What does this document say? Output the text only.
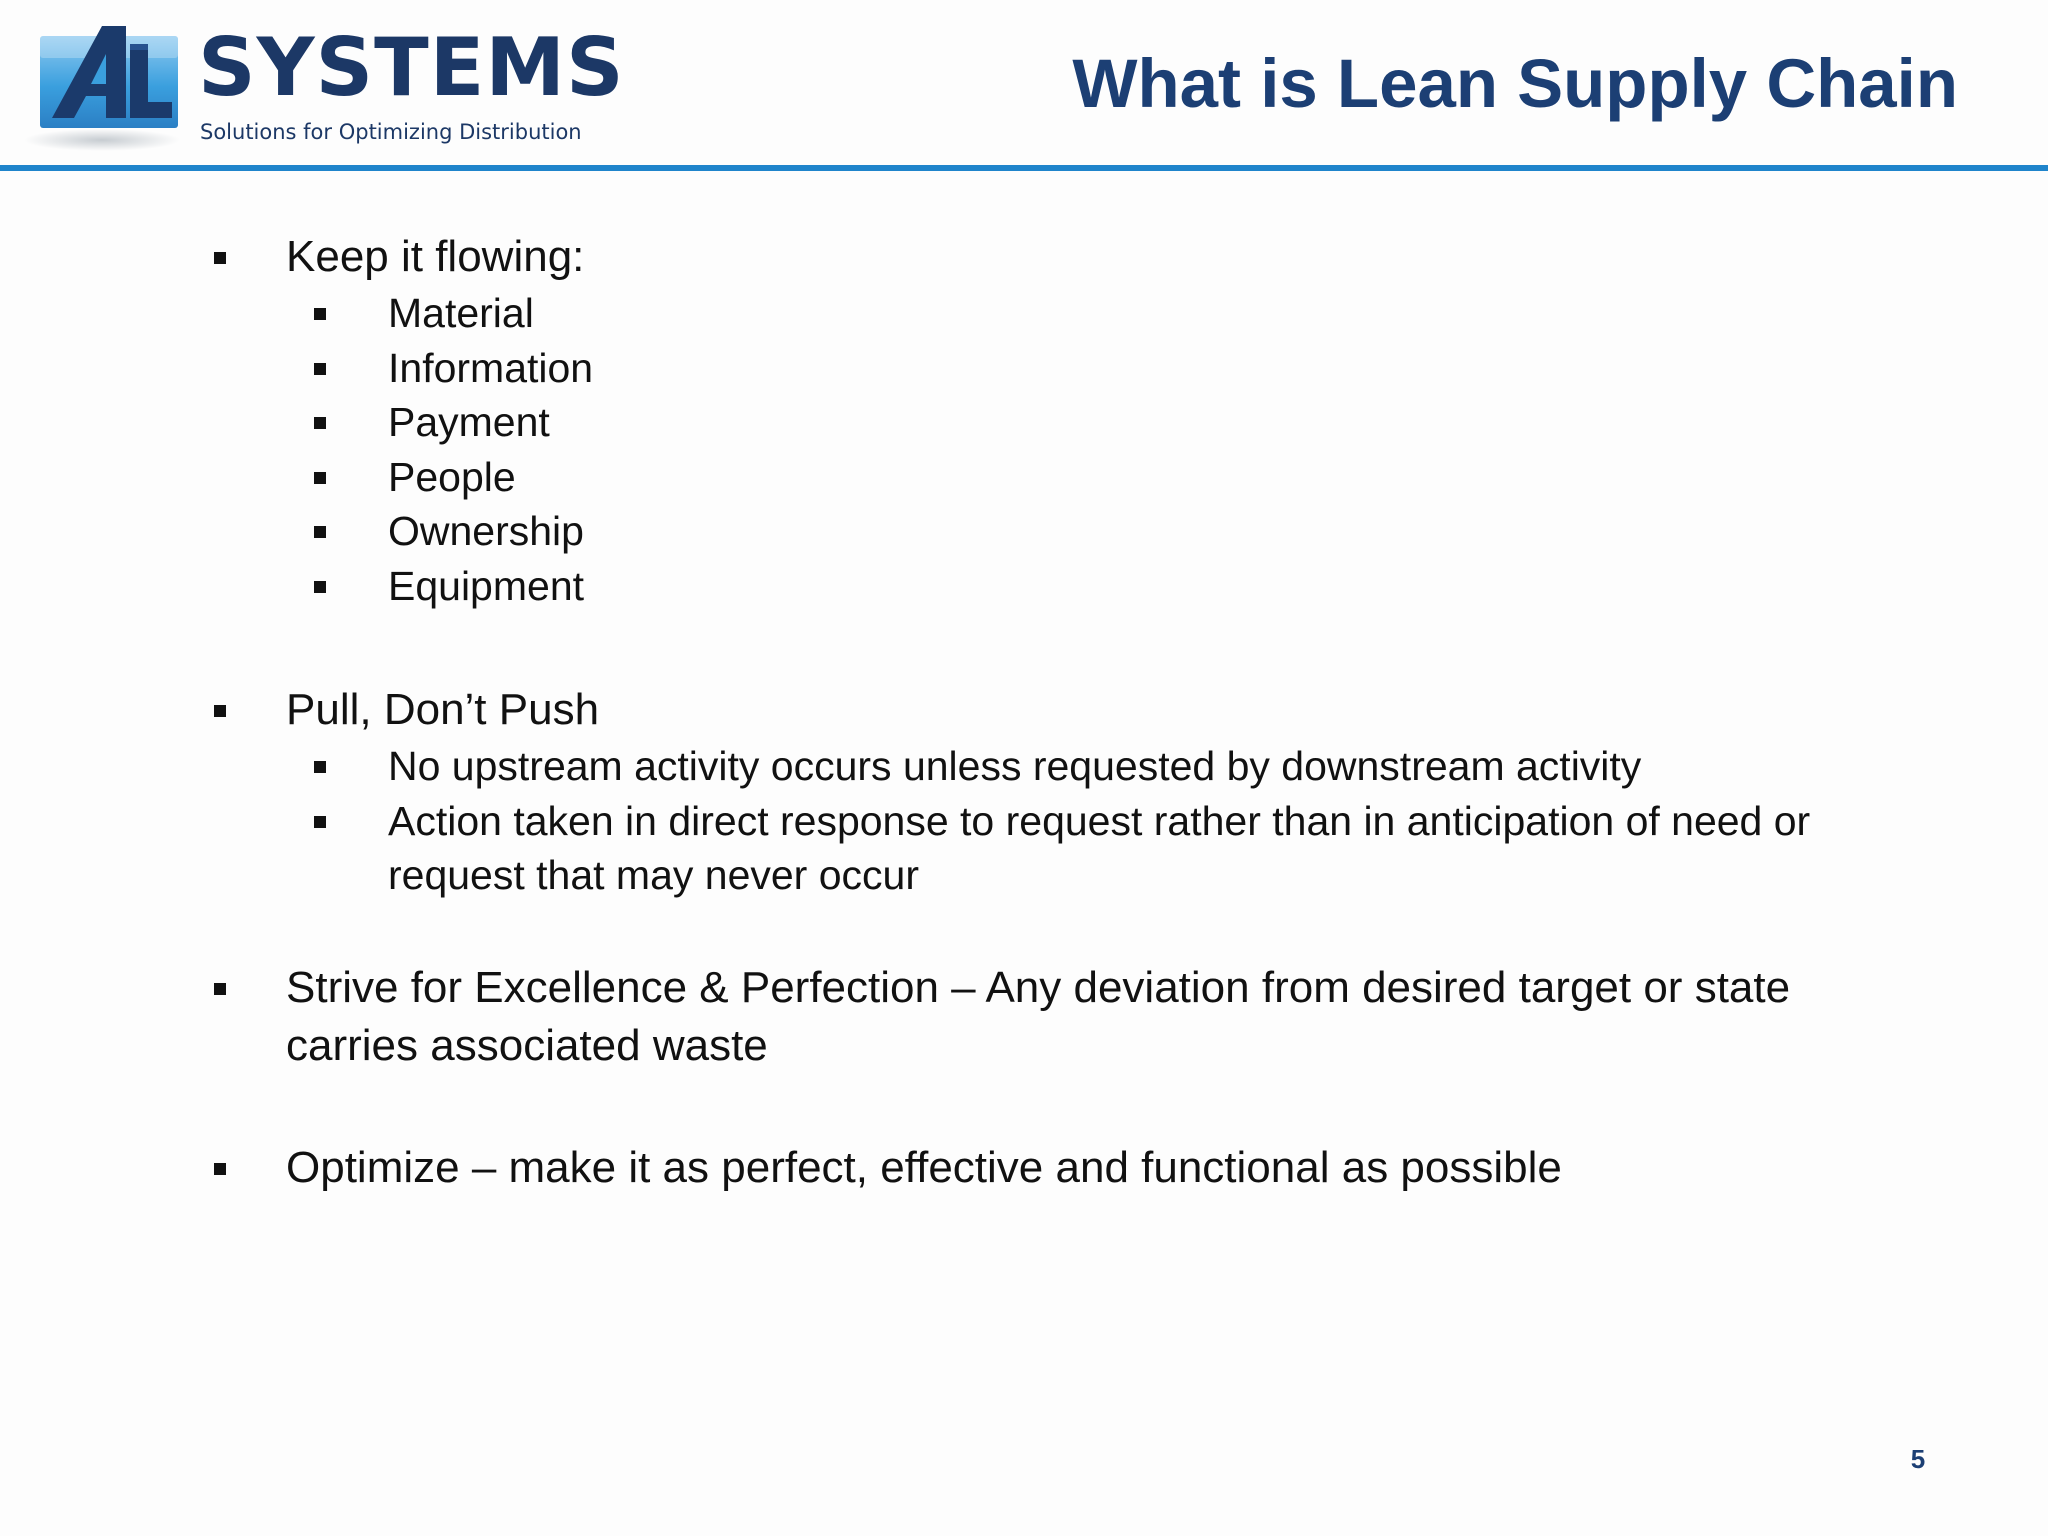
SYSTEMS
Solutions for Optimizing Distribution
What is Lean Supply Chain
Keep it flowing:
Material
Information
Payment
People
Ownership
Equipment
Pull, Don’t Push
No upstream activity occurs unless requested by downstream activity
Action taken in direct response to request rather than in anticipation of need or request that may never occur
Strive for Excellence & Perfection – Any deviation from desired target or state carries associated waste
Optimize – make it as perfect, effective and functional as possible
5
